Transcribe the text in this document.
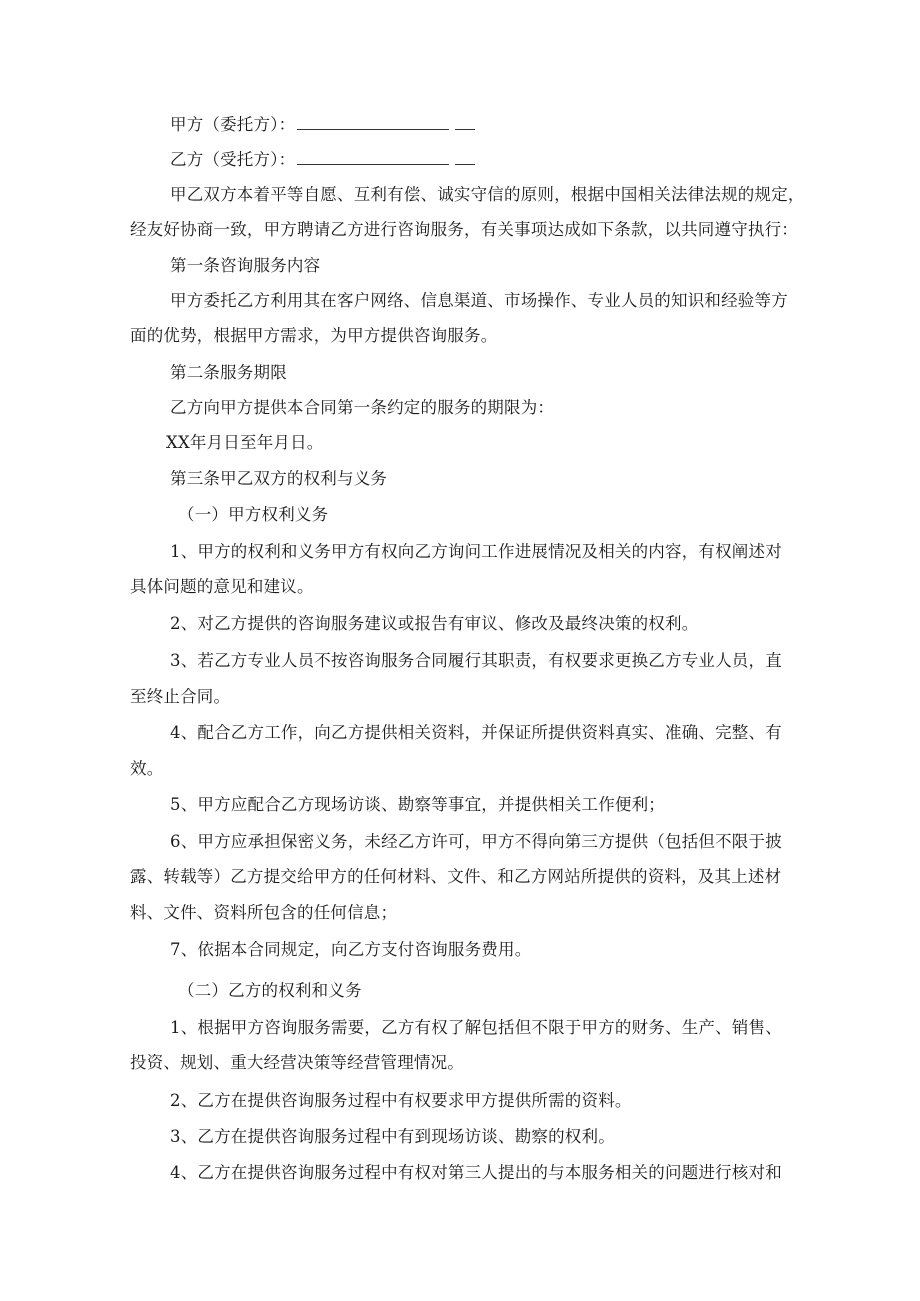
甲方（委托方）：
乙方（受托方）：
甲乙双方本着平等自愿、互利有偿、诚实守信的原则，根据中国相关法律法规的规定，
经友好协商一致，甲方聘请乙方进行咨询服务，有关事项达成如下条款，以共同遵守执行：
第一条咨询服务内容
甲方委托乙方利用其在客户网络、信息渠道、市场操作、专业人员的知识和经验等方
面的优势，根据甲方需求，为甲方提供咨询服务。
第二条服务期限
乙方向甲方提供本合同第一条约定的服务的期限为：
XX年月日至年月日。
第三条甲乙双方的权利与义务
（一）甲方权利义务
1、甲方的权利和义务甲方有权向乙方询问工作进展情况及相关的内容，有权阐述对
具体问题的意见和建议。
2、对乙方提供的咨询服务建议或报告有审议、修改及最终决策的权利。
3、若乙方专业人员不按咨询服务合同履行其职责，有权要求更换乙方专业人员，直
至终止合同。
4、配合乙方工作，向乙方提供相关资料，并保证所提供资料真实、准确、完整、有
效。
5、甲方应配合乙方现场访谈、勘察等事宜，并提供相关工作便利；
6、甲方应承担保密义务，未经乙方许可，甲方不得向第三方提供（包括但不限于披
露、转载等）乙方提交给甲方的任何材料、文件、和乙方网站所提供的资料，及其上述材
料、文件、资料所包含的任何信息；
7、依据本合同规定，向乙方支付咨询服务费用。
（二）乙方的权利和义务
1、根据甲方咨询服务需要，乙方有权了解包括但不限于甲方的财务、生产、销售、
投资、规划、重大经营决策等经营管理情况。
2、乙方在提供咨询服务过程中有权要求甲方提供所需的资料。
3、乙方在提供咨询服务过程中有到现场访谈、勘察的权利。
4、乙方在提供咨询服务过程中有权对第三人提出的与本服务相关的问题进行核对和
